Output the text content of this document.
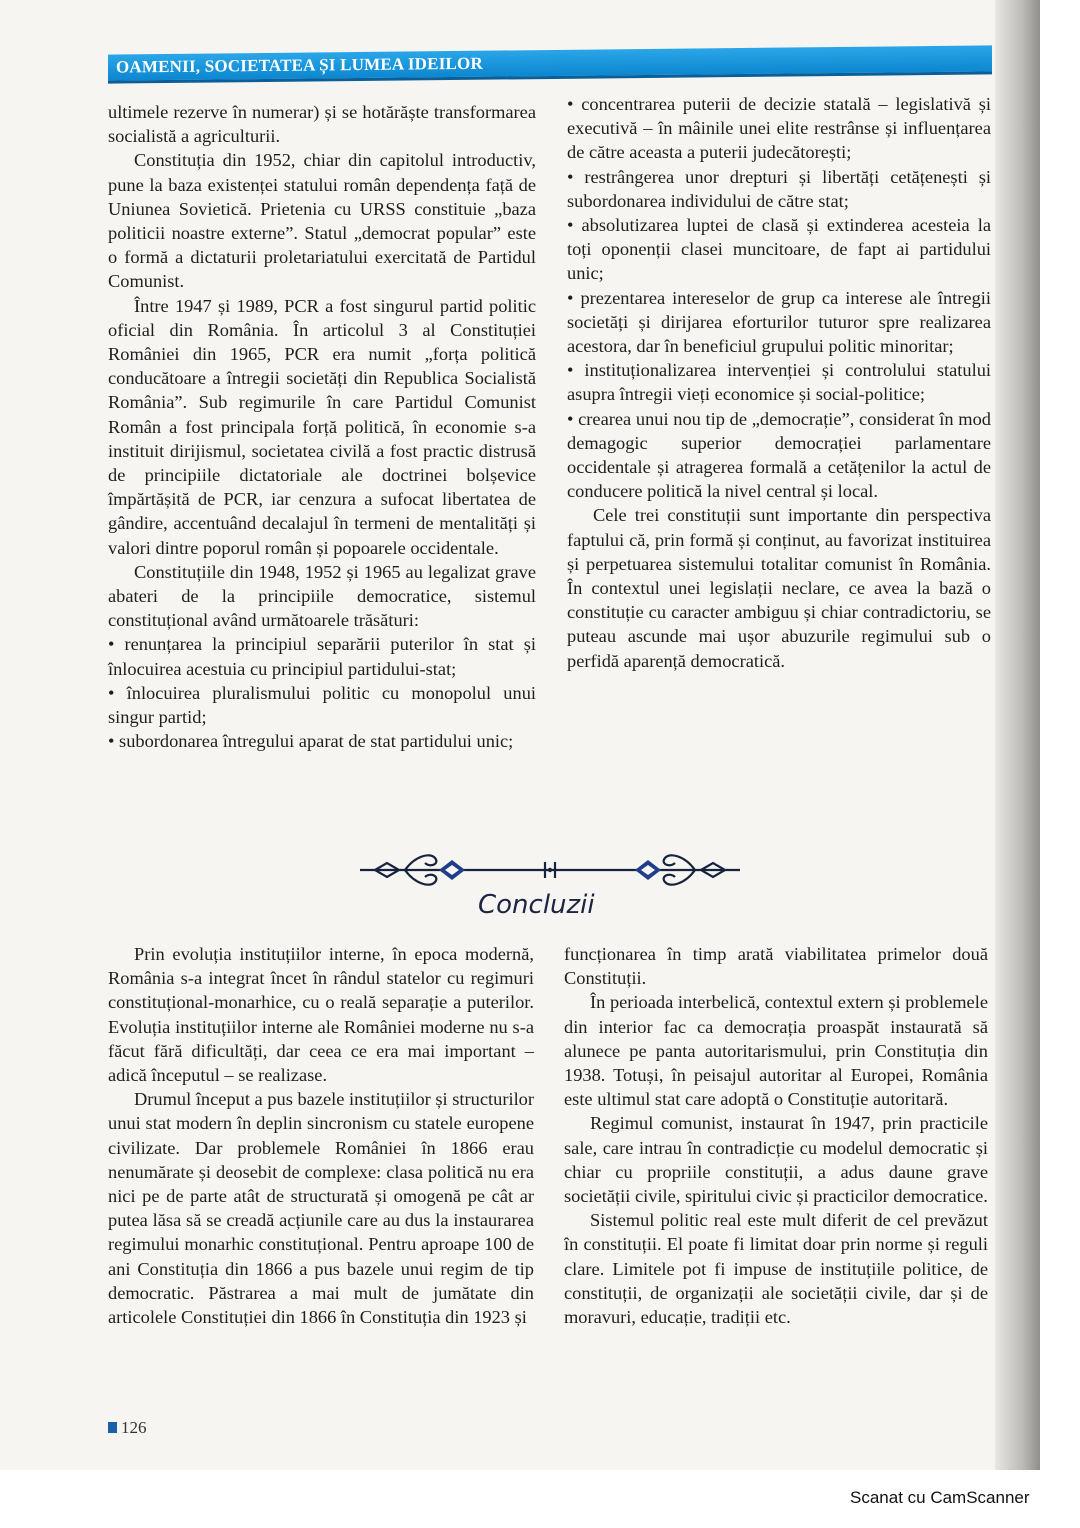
OAMENII, SOCIETATEA ȘI LUMEA IDEILOR

ultimele rezerve în numerar) și se hotărăște transformarea socialistă a agriculturii.

Constituția din 1952, chiar din capitolul introductiv, pune la baza existenței statului român dependența față de Uniunea Sovietică. Prietenia cu URSS constituie „baza politicii noastre externe”. Statul „democrat popular” este o formă a dictaturii proletariatului exercitată de Partidul Comunist.

Între 1947 și 1989, PCR a fost singurul partid politic oficial din România. În articolul 3 al Constituției României din 1965, PCR era numit „forța politică conducătoare a întregii societăți din Republica Socialistă România”. Sub regimurile în care Partidul Comunist Român a fost principala forță politică, în economie s-a instituit dirijismul, societatea civilă a fost practic distrusă de principiile dictatoriale ale doctrinei bolșevice împărtășită de PCR, iar cenzura a sufocat libertatea de gândire, accentuând decalajul în termeni de mentalități și valori dintre poporul român și popoarele occidentale.

Constituțiile din 1948, 1952 și 1965 au legalizat grave abateri de la principiile democratice, sistemul constituțional având următoarele trăsături:

• renunțarea la principiul separării puterilor în stat și înlocuirea acestuia cu principiul partidului-stat;

• înlocuirea pluralismului politic cu monopolul unui singur partid;

• subordonarea întregului aparat de stat partidului unic;

• concentrarea puterii de decizie statală – legislativă și executivă – în mâinile unei elite restrânse și influențarea de către aceasta a puterii judecătorești;

• restrângerea unor drepturi și libertăți cetățenești și subordonarea individului de către stat;

• absolutizarea luptei de clasă și extinderea acesteia la toți oponenții clasei muncitoare, de fapt ai partidului unic;

• prezentarea intereselor de grup ca interese ale întregii societăți și dirijarea eforturilor tuturor spre realizarea acestora, dar în beneficiul grupului politic minoritar;

• instituționalizarea intervenției și controlului statului asupra întregii vieți economice și social-politice;

• crearea unui nou tip de „democrație”, considerat în mod demagogic superior democrației parlamentare occidentale și atragerea formală a cetățenilor la actul de conducere politică la nivel central și local.

Cele trei constituții sunt importante din perspectiva faptului că, prin formă și conținut, au favorizat instituirea și perpetuarea sistemului totalitar comunist în România. În contextul unei legislații neclare, ce avea la bază o constituție cu caracter ambiguu și chiar contradictoriu, se puteau ascunde mai ușor abuzurile regimului sub o perfidă aparență democratică.

Concluzii

Prin evoluția instituțiilor interne, în epoca modernă, România s-a integrat încet în rândul statelor cu regimuri constituțional-monarhice, cu o reală separație a puterilor. Evoluția instituțiilor interne ale României moderne nu s-a făcut fără dificultăți, dar ceea ce era mai important – adică începutul – se realizase.

Drumul început a pus bazele instituțiilor și structurilor unui stat modern în deplin sincronism cu statele europene civilizate. Dar problemele României în 1866 erau nenumărate și deosebit de complexe: clasa politică nu era nici pe de parte atât de structurată și omogenă pe cât ar putea lăsa să se creadă acțiunile care au dus la instaurarea regimului monarhic constituțional. Pentru aproape 100 de ani Constituția din 1866 a pus bazele unui regim de tip democratic. Păstrarea a mai mult de jumătate din articolele Constituției din 1866 în Constituția din 1923 și

funcționarea în timp arată viabilitatea primelor două Constituții.

În perioada interbelică, contextul extern și problemele din interior fac ca democrația proaspăt instaurată să alunece pe panta autoritarismului, prin Constituția din 1938. Totuși, în peisajul autoritar al Europei, România este ultimul stat care adoptă o Constituție autoritară.

Regimul comunist, instaurat în 1947, prin practicile sale, care intrau în contradicție cu modelul democratic și chiar cu propriile constituții, a adus daune grave societății civile, spiritului civic și practicilor democratice.

Sistemul politic real este mult diferit de cel prevăzut în constituții. El poate fi limitat doar prin norme și reguli clare. Limitele pot fi impuse de instituțiile politice, de constituții, de organizații ale societății civile, dar și de moravuri, educație, tradiții etc.

126
Scanat cu CamScanner
